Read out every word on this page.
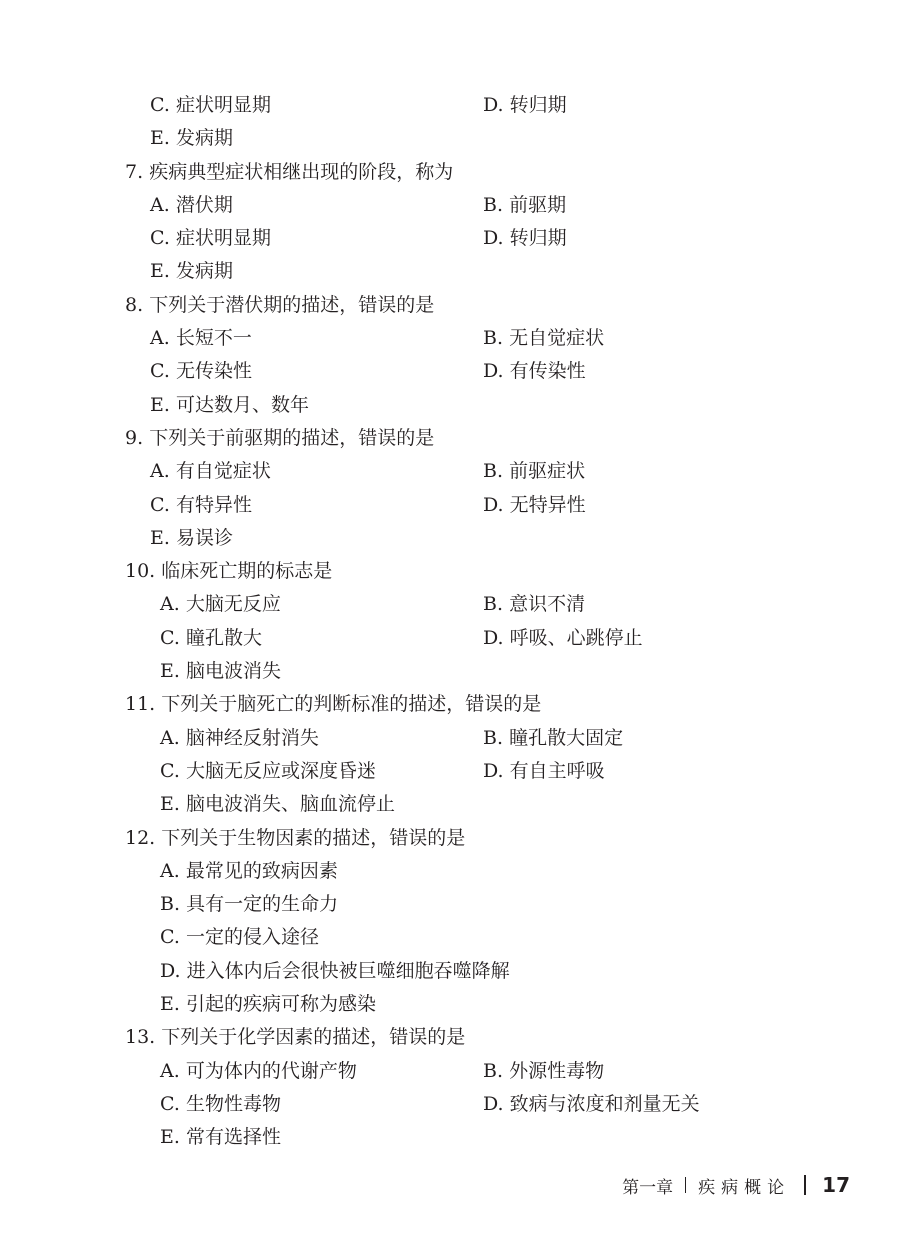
C. 症状明显期	D. 转归期
E. 发病期
7. 疾病典型症状相继出现的阶段，称为
A. 潜伏期	B. 前驱期
C. 症状明显期	D. 转归期
E. 发病期
8. 下列关于潜伏期的描述，错误的是
A. 长短不一	B. 无自觉症状
C. 无传染性	D. 有传染性
E. 可达数月、数年
9. 下列关于前驱期的描述，错误的是
A. 有自觉症状	B. 前驱症状
C. 有特异性	D. 无特异性
E. 易误诊
10. 临床死亡期的标志是
A. 大脑无反应	B. 意识不清
C. 瞳孔散大	D. 呼吸、心跳停止
E. 脑电波消失
11. 下列关于脑死亡的判断标准的描述，错误的是
A. 脑神经反射消失	B. 瞳孔散大固定
C. 大脑无反应或深度昏迷	D. 有自主呼吸
E. 脑电波消失、脑血流停止
12. 下列关于生物因素的描述，错误的是
A. 最常见的致病因素
B. 具有一定的生命力
C. 一定的侵入途径
D. 进入体内后会很快被巨噬细胞吞噬降解
E. 引起的疾病可称为感染
13. 下列关于化学因素的描述，错误的是
A. 可为体内的代谢产物	B. 外源性毒物
C. 生物性毒物	D. 致病与浓度和剂量无关
E. 常有选择性
第一章 疾病概论 17
